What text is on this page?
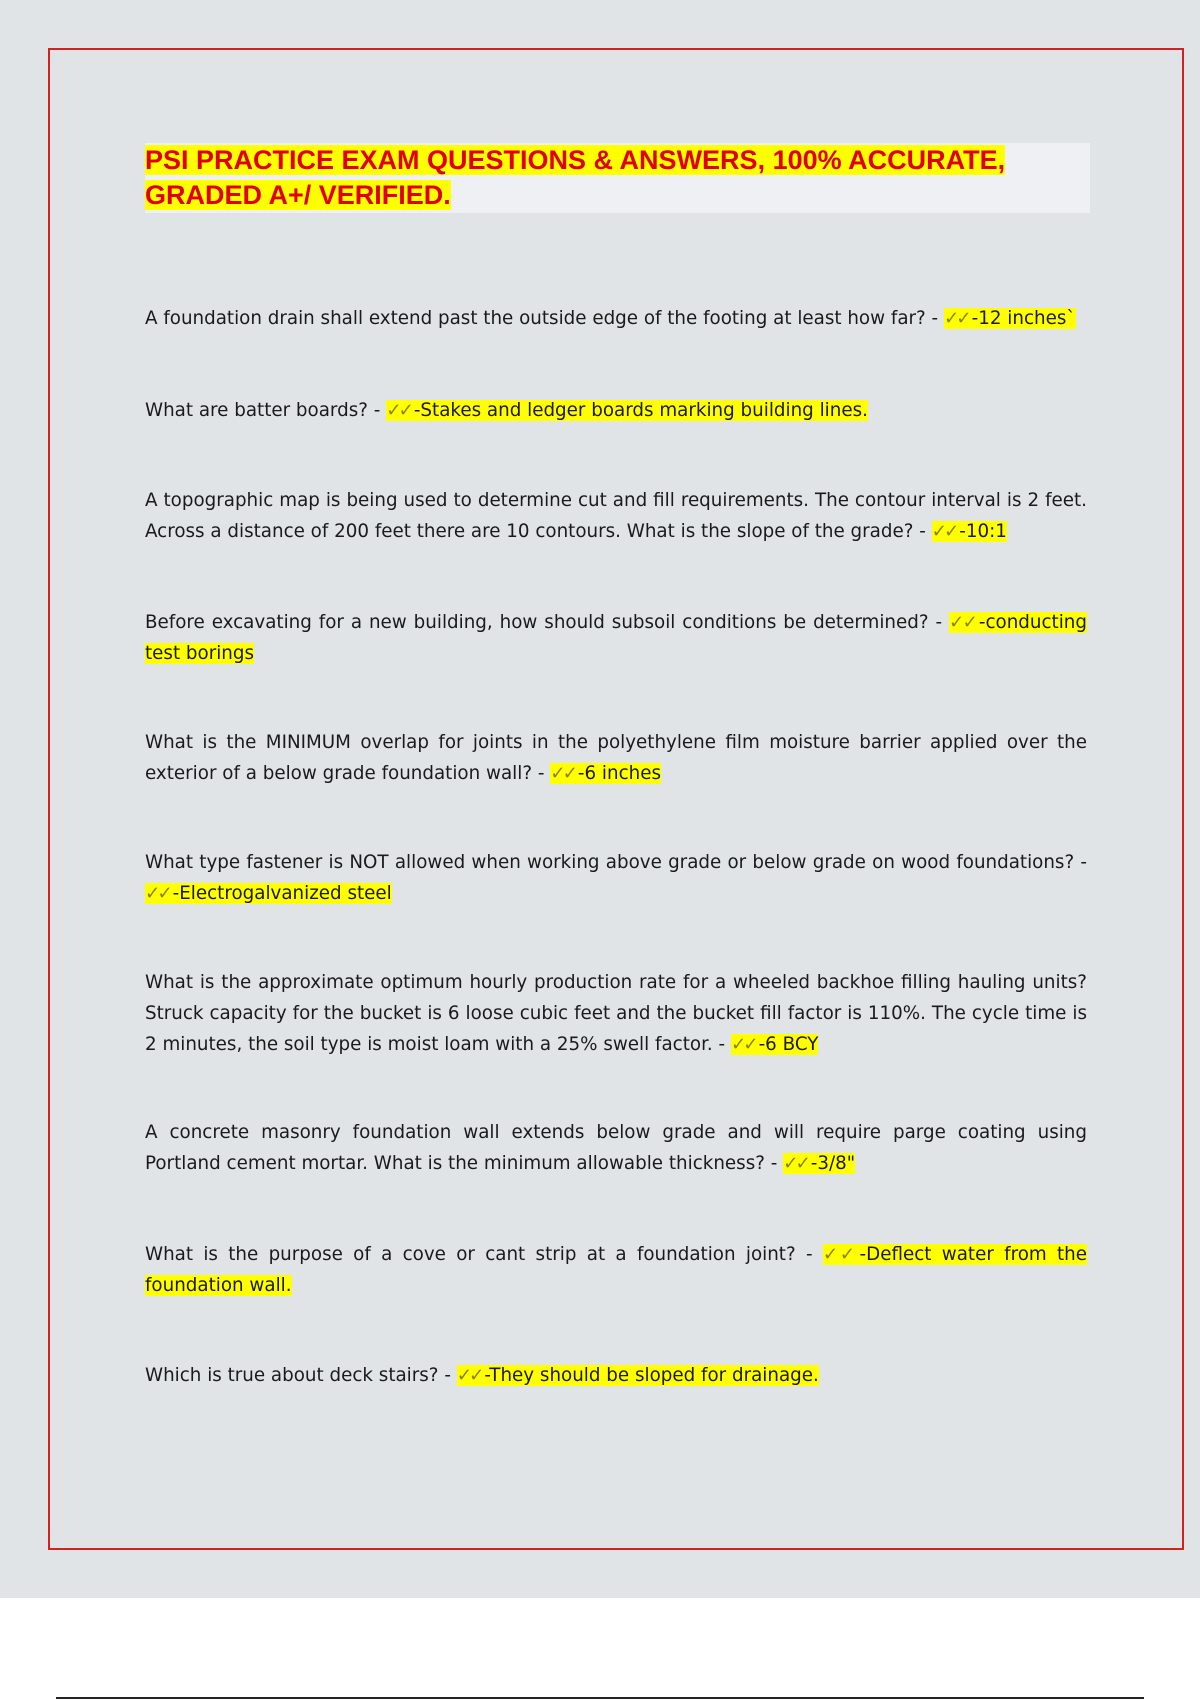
PSI PRACTICE EXAM QUESTIONS & ANSWERS, 100% ACCURATE,
GRADED A+/ VERIFIED.

A foundation drain shall extend past the outside edge of the footing at least how far? - ✓✓ -12 inches`

What are batter boards? - ✓✓ -Stakes and ledger boards marking building lines.

A topographic map is being used to determine cut and fill requirements. The contour interval is 2 feet. Across a distance of 200 feet there are 10 contours. What is the slope of the grade? - ✓✓ -10:1

Before excavating for a new building, how should subsoil conditions be determined? - ✓✓ -conducting test borings

What is the MINIMUM overlap for joints in the polyethylene film moisture barrier applied over the exterior of a below grade foundation wall? - ✓✓ -6 inches

What type fastener is NOT allowed when working above grade or below grade on wood foundations? - ✓✓ -Electrogalvanized steel

What is the approximate optimum hourly production rate for a wheeled backhoe filling hauling units? Struck capacity for the bucket is 6 loose cubic feet and the bucket fill factor is 110%. The cycle time is 2 minutes, the soil type is moist loam with a 25% swell factor. - ✓✓ -6 BCY

A concrete masonry foundation wall extends below grade and will require parge coating using Portland cement mortar. What is the minimum allowable thickness? - ✓✓ -3/8"

What is the purpose of a cove or cant strip at a foundation joint? - ✓✓ -Deflect water from the foundation wall.

Which is true about deck stairs? - ✓✓ -They should be sloped for drainage.
